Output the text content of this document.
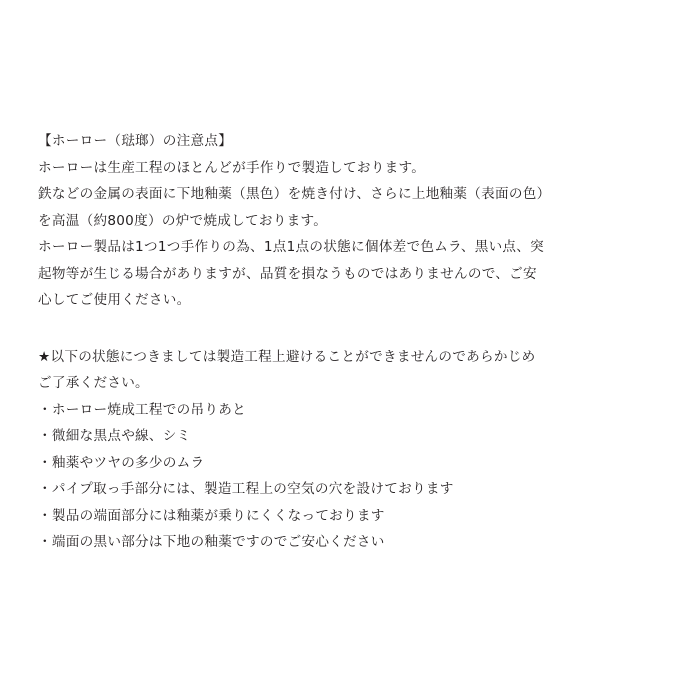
【ホーロー（琺瑯）の注意点】
ホーローは生産工程のほとんどが手作りで製造しております。
鉄などの金属の表面に下地釉薬（黒色）を焼き付け、さらに上地釉薬（表面の色）
を高温（約800度）の炉で焼成しております。
ホーロー製品は1つ1つ手作りの為、1点1点の状態に個体差で色ムラ、黒い点、突
起物等が生じる場合がありますが、品質を損なうものではありませんので、ご安
心してご使用ください。
★以下の状態につきましては製造工程上避けることができませんのであらかじめ
ご了承ください。
・ホーロー焼成工程での吊りあと
・微細な黒点や線、シミ
・釉薬やツヤの多少のムラ
・パイプ取っ手部分には、製造工程上の空気の穴を設けております
・製品の端面部分には釉薬が乗りにくくなっております
・端面の黒い部分は下地の釉薬ですのでご安心ください
